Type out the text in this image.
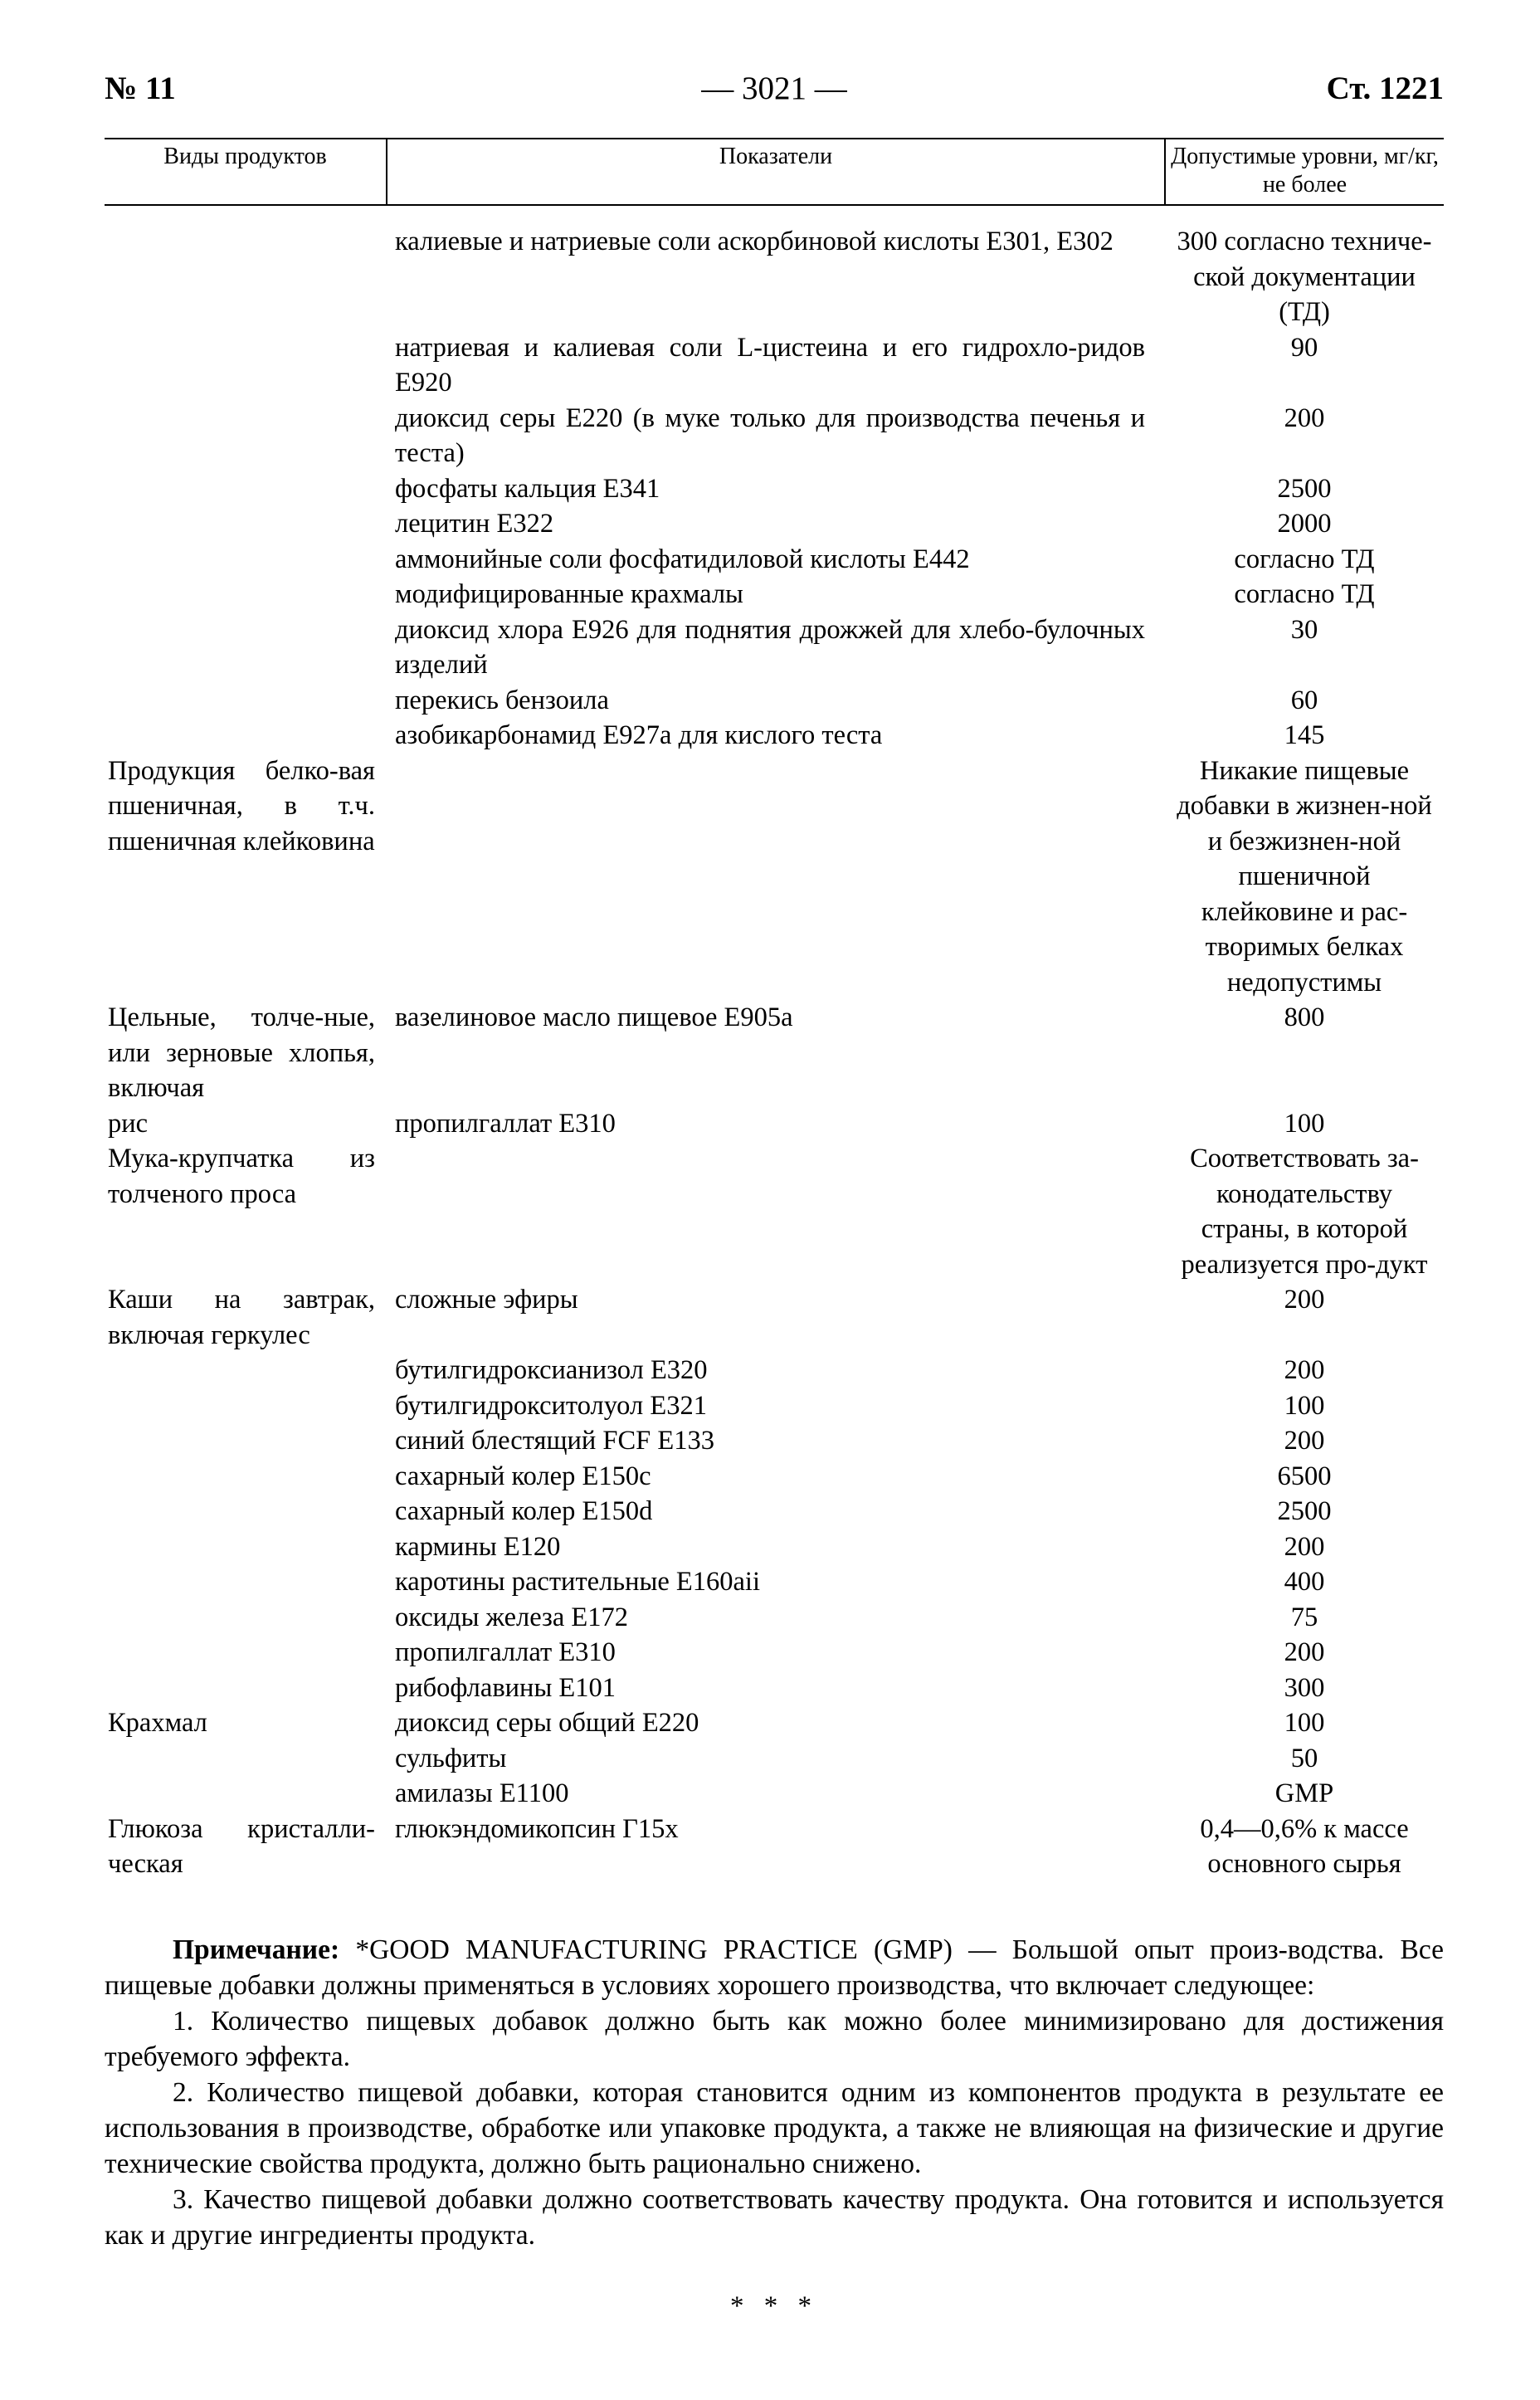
№ 11	— 3021 —	Ст. 1221
Виды продуктов	Показатели	Допустимые уровни, мг/кг, не более
	калиевые и натриевые соли аскорбиновой кислоты Е301, Е302	300 согласно техниче-ской документации (ТД)
	натриевая и калиевая соли L-цистеина и его гидрохло-ридов Е920	90
	диоксид серы Е220 (в муке только для производства печенья и теста)	200
	фосфаты кальция Е341	2500
	лецитин Е322	2000
	аммонийные соли фосфатидиловой кислоты Е442	согласно ТД
	модифицированные крахмалы	согласно ТД
	диоксид хлора Е926 для поднятия дрожжей для хлебо-булочных изделий	30
	перекись бензоила	60
	азобикарбонамид Е927а для кислого теста	145
Продукция белко-вая пшеничная, в т.ч. пшеничная клейковина		Никакие пищевые добавки в жизнен-ной и безжизнен-ной пшеничной клейковине и рас-творимых белках недопустимы
Цельные, толче-ные, или зерновые хлопья, включая	вазелиновое масло пищевое Е905а	800
рис	пропилгаллат Е310	100
Мука-крупчатка из толченого проса		Соответствовать за-конодательству страны, в которой реализуется про-дукт
Каши на завтрак, включая геркулес	сложные эфиры	200
	бутилгидроксианизол Е320	200
	бутилгидрокситолуол Е321	100
	синий блестящий FCF Е133	200
	сахарный колер Е150с	6500
	сахарный колер Е150d	2500
	кармины Е120	200
	каротины растительные Е160aii	400
	оксиды железа Е172	75
	пропилгаллат Е310	200
	рибофлавины Е101	300
Крахмал	диоксид серы общий Е220	100
	сульфиты	50
	амилазы Е1100	GMP
Глюкоза кристалли-ческая	глюкэндомикопсин Г15х	0,4—0,6% к массе основного сырья

Примечание: *GOOD MANUFACTURING PRACTICE (GMP) — Большой опыт произ-водства. Все пищевые добавки должны применяться в условиях хорошего производства, что включает следующее:

1. Количество пищевых добавок должно быть как можно более минимизировано для достижения требуемого эффекта.

2. Количество пищевой добавки, которая становится одним из компонентов продукта в результате ее использования в производстве, обработке или упаковке продукта, а также не влияющая на физические и другие технические свойства продукта, должно быть рационально снижено.

3. Качество пищевой добавки должно соответствовать качеству продукта. Она готовится и используется как и другие ингредиенты продукта.

* * *
